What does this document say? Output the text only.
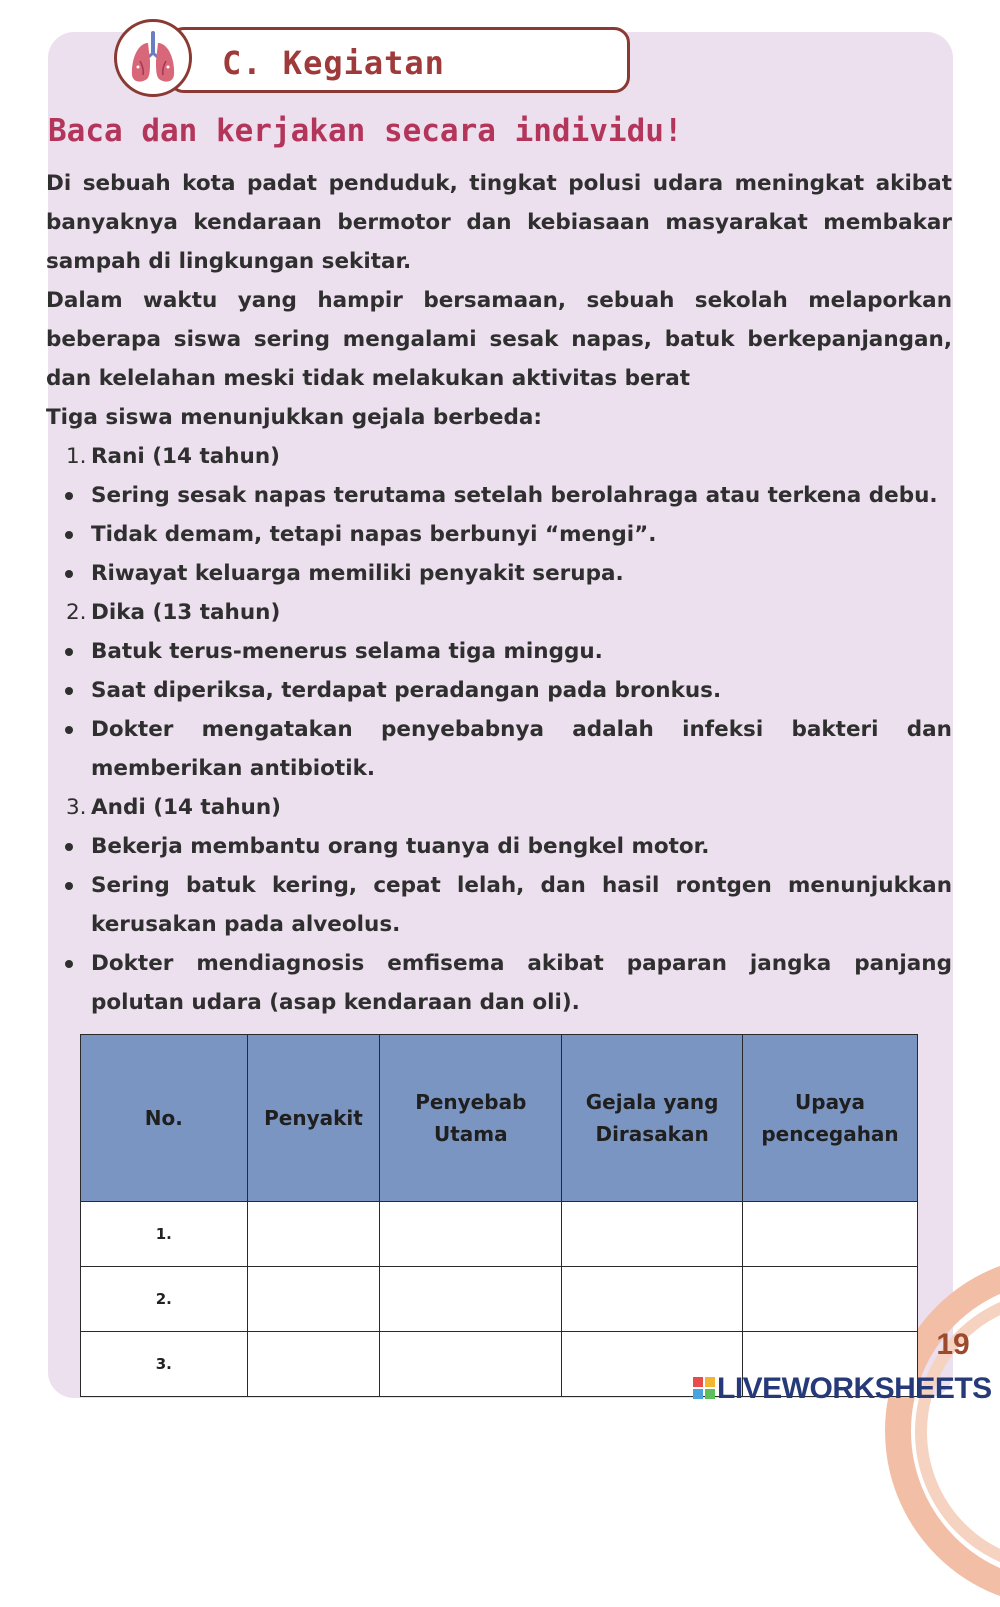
C. Kegiatan
Baca dan kerjakan secara individu!

Di sebuah kota padat penduduk, tingkat polusi udara meningkat akibat banyaknya kendaraan bermotor dan kebiasaan masyarakat membakar sampah di lingkungan sekitar.

Dalam waktu yang hampir bersamaan, sebuah sekolah melaporkan beberapa siswa sering mengalami sesak napas, batuk berkepanjangan, dan kelelahan meski tidak melakukan aktivitas berat

Tiga siswa menunjukkan gejala berbeda:

1. Rani (14 tahun)
Sering sesak napas terutama setelah berolahraga atau terkena debu.
Tidak demam, tetapi napas berbunyi “mengi”.
Riwayat keluarga memiliki penyakit serupa.
2. Dika (13 tahun)
Batuk terus-menerus selama tiga minggu.
Saat diperiksa, terdapat peradangan pada bronkus.
Dokter mengatakan penyebabnya adalah infeksi bakteri dan memberikan antibiotik.
3. Andi (14 tahun)
Bekerja membantu orang tuanya di bengkel motor.
Sering batuk kering, cepat lelah, dan hasil rontgen menunjukkan kerusakan pada alveolus.
Dokter mendiagnosis emfisema akibat paparan jangka panjang polutan udara (asap kendaraan dan oli).
No.	Penyakit	Penyebab Utama	Gejala yang Dirasakan	Upaya pencegahan
1.				
2.				
3.				
19
LIVEWORKSHEETS
